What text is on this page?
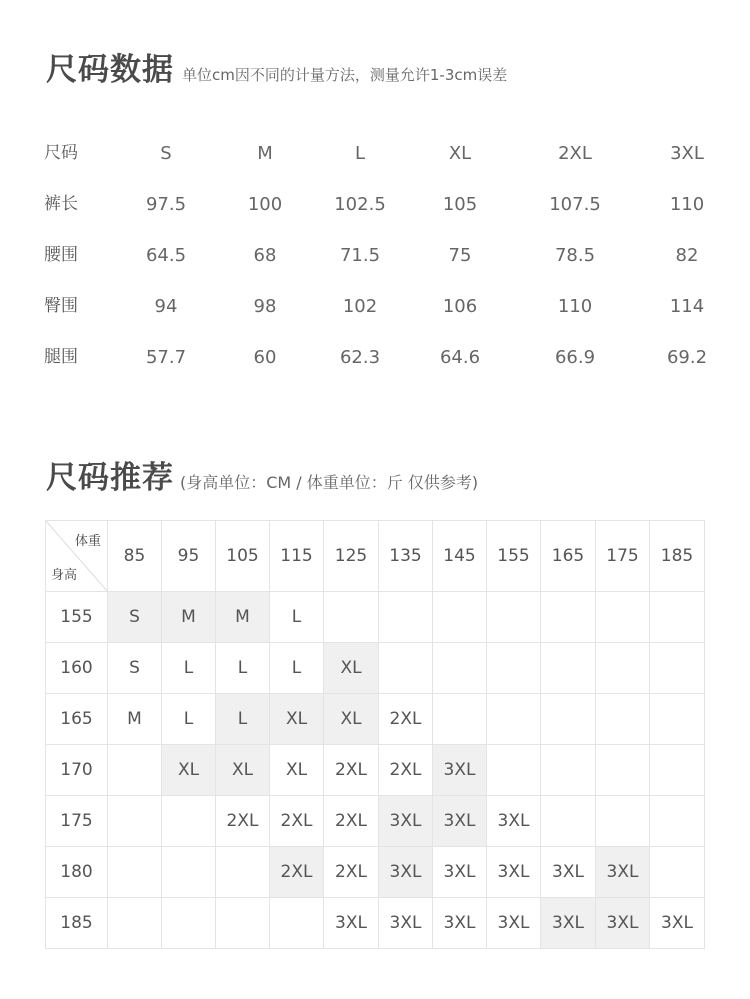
尺码数据 单位cm因不同的计量方法，测量允许1-3cm误差
尺码	S	M	L	XL	2XL	3XL
裤长	97.5	100	102.5	105	107.5	110
腰围	64.5	68	71.5	75	78.5	82
臀围	94	98	102	106	110	114
腿围	57.7	60	62.3	64.6	66.9	69.2
尺码推荐 (身高单位：CM / 体重单位：斤 仅供参考)
体重
身高	85	95	105	115	125	135	145	155	165	175	185
155	S	M	M	L							
160	S	L	L	L	XL						
165	M	L	L	XL	XL	2XL					
170		XL	XL	XL	2XL	2XL	3XL				
175			2XL	2XL	2XL	3XL	3XL	3XL			
180				2XL	2XL	3XL	3XL	3XL	3XL	3XL	
185					3XL	3XL	3XL	3XL	3XL	3XL	3XL
